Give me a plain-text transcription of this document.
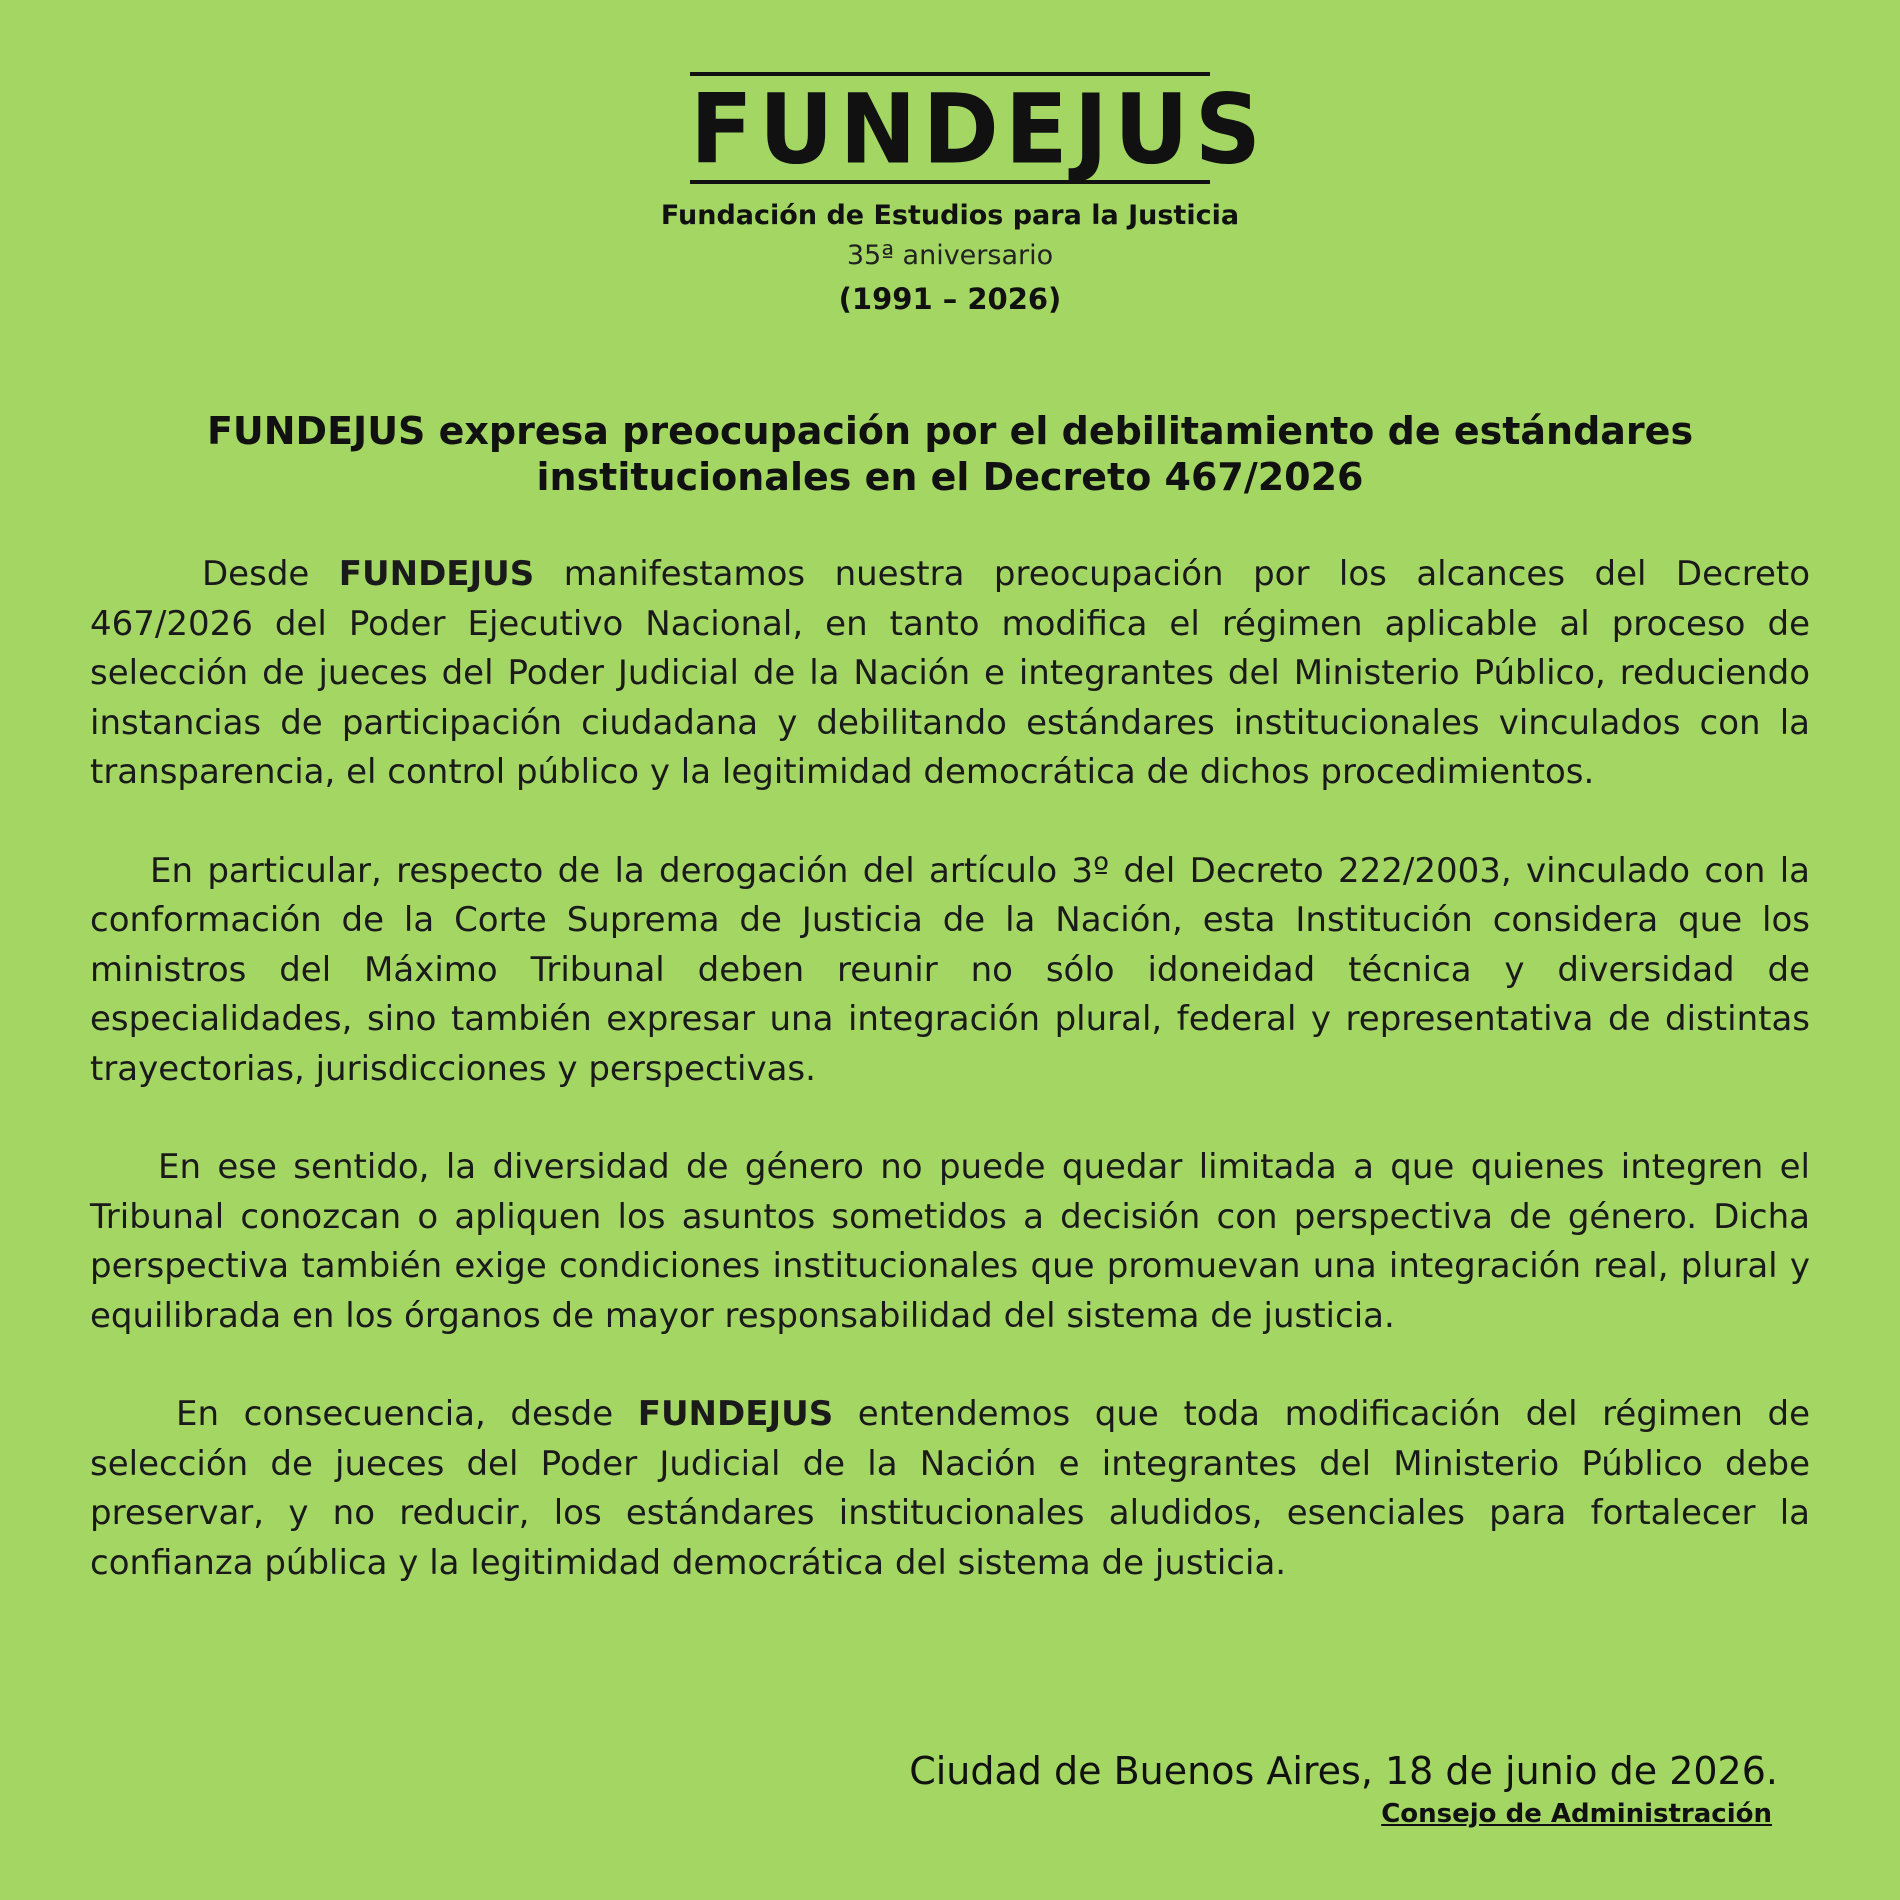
FUNDEJUS
Fundación de Estudios para la Justicia
35ª aniversario
(1991 – 2026)
FUNDEJUS expresa preocupación por el debilitamiento de estándares
institucionales en el Decreto 467/2026

Desde FUNDEJUS manifestamos nuestra preocupación por los alcances del Decreto 467/2026 del Poder Ejecutivo Nacional, en tanto modifica el régimen aplicable al proceso de selección de jueces del Poder Judicial de la Nación e integrantes del Ministerio Público, reduciendo instancias de participación ciudadana y debilitando estándares institucionales vinculados con la transparencia, el control público y la legitimidad democrática de dichos procedimientos.

En particular, respecto de la derogación del artículo 3º del Decreto 222/2003, vinculado con la conformación de la Corte Suprema de Justicia de la Nación, esta Institución considera que los ministros del Máximo Tribunal deben reunir no sólo idoneidad técnica y diversidad de especialidades, sino también expresar una integración plural, federal y representativa de distintas trayectorias, jurisdicciones y perspectivas.

En ese sentido, la diversidad de género no puede quedar limitada a que quienes integren el Tribunal conozcan o apliquen los asuntos sometidos a decisión con perspectiva de género. Dicha perspectiva también exige condiciones institucionales que promuevan una integración real, plural y equilibrada en los órganos de mayor responsabilidad del sistema de justicia.

En consecuencia, desde FUNDEJUS entendemos que toda modificación del régimen de selección de jueces del Poder Judicial de la Nación e integrantes del Ministerio Público debe preservar, y no reducir, los estándares institucionales aludidos, esenciales para fortalecer la confianza pública y la legitimidad democrática del sistema de justicia.

Ciudad de Buenos Aires, 18 de junio de 2026.
Consejo de Administración
